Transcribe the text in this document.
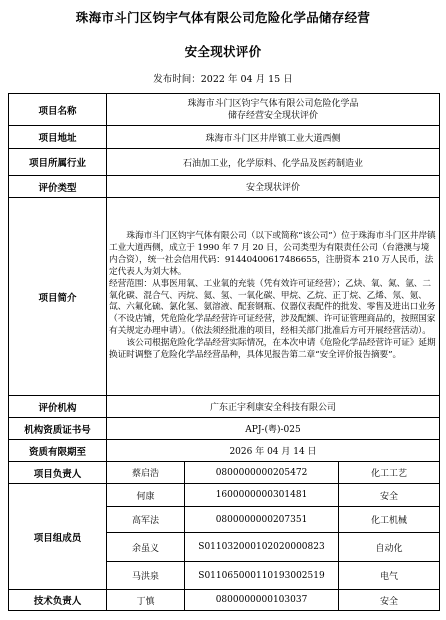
珠海市斗门区钧宇气体有限公司危险化学品储存经营
安全现状评价
发布时间：2022 年 04 月 15 日
项目名称	珠海市斗门区钧宇气体有限公司危险化学品
储存经营安全现状评价		

项目地址	珠海市斗门区井岸镇工业大道西侧		
项目所属行业	石油加工业，化学原料、化学品及医药制造业		
评价类型	安全现状评价		
项目简介	珠海市斗门区钧宇气体有限公司（以下或简称“该公司”）位于珠海市斗门区井岸镇工业大道西侧，成立于 1990 年 7 月 20 日，公司类型为有限责任公司（台港澳与境内合资），统一社会信用代码：91440400617486655，注册资本 210 万人民币，法定代表人为刘大林。

经营范围：从事医用氧、工业氧的充装（凭有效许可证经营）；乙炔、氧、氮、氩、二氧化碳、混合气、丙烷、氦、氢、一氧化碳、甲烷、乙烷、正丁烷、乙烯、氖、氪、氙、六氟化硫、氯化氢、氨溶液、配套钢瓶、仪器仪表配件的批发、零售及进出口业务（不设店铺，凭危险化学品经营许可证经营，涉及配额、许可证管理商品的，按照国家有关规定办理申请）。（依法须经批准的项目，经相关部门批准后方可开展经营活动）。

该公司根据危险化学品经营实际情况，在本次申请《危险化学品经营许可证》延期换证时调整了危险化学品经营品种，具体见报告第二章“安全评价报告摘要”。		

评价机构	广东正宇利康安全科技有限公司		
机构资质证书号	APJ-(粤)-025		
资质有限期至	2026 年 04 月 14 日		
项目负责人	蔡启浩	0800000000205472	化工工艺
项目组成员	何康	1600000000301481	安全
	高军法	0800000000207351	化工机械
	余虽义	S011032000102020000823	自动化
	马洪泉	S011065000110193002519	电气
技术负责人	丁慎	0800000000103037	安全
